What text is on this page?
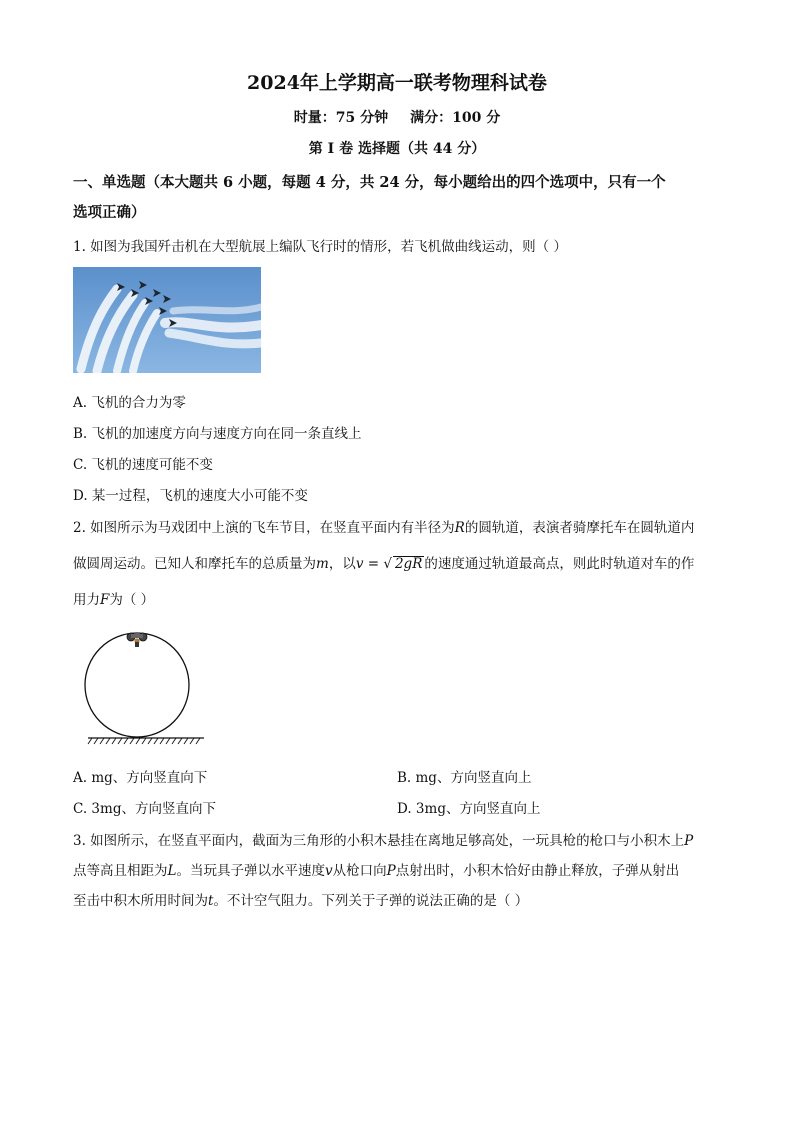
2024年上学期高一联考物理科试卷
时量：75 分钟 满分：100 分
第 I 卷 选择题（共 44 分）
一、单选题（本大题共 6 小题，每题 4 分，共 24 分，每小题给出的四个选项中，只有一个
选项正确）
1. 如图为我国歼击机在大型航展上编队飞行时的情形，若飞机做曲线运动，则（ ）
A. 飞机的合力为零
B. 飞机的加速度方向与速度方向在同一条直线上
C. 飞机的速度可能不变
D. 某一过程，飞机的速度大小可能不变
2. 如图所示为马戏团中上演的飞车节目，在竖直平面内有半径为R的圆轨道，表演者骑摩托车在圆轨道内
做圆周运动。已知人和摩托车的总质量为m，以v = √ 2gR 的速度通过轨道最高点，则此时轨道对车的作
用力F为（ ）
A. mg、方向竖直向下	B. mg、方向竖直向上
C. 3mg、方向竖直向下	D. 3mg、方向竖直向上
3. 如图所示，在竖直平面内，截面为三角形的小积木悬挂在离地足够高处，一玩具枪的枪口与小积木上P
点等高且相距为L。当玩具子弹以水平速度v从枪口向P点射出时，小积木恰好由静止释放，子弹从射出
至击中积木所用时间为t。不计空气阻力。下列关于子弹的说法正确的是（ ）
